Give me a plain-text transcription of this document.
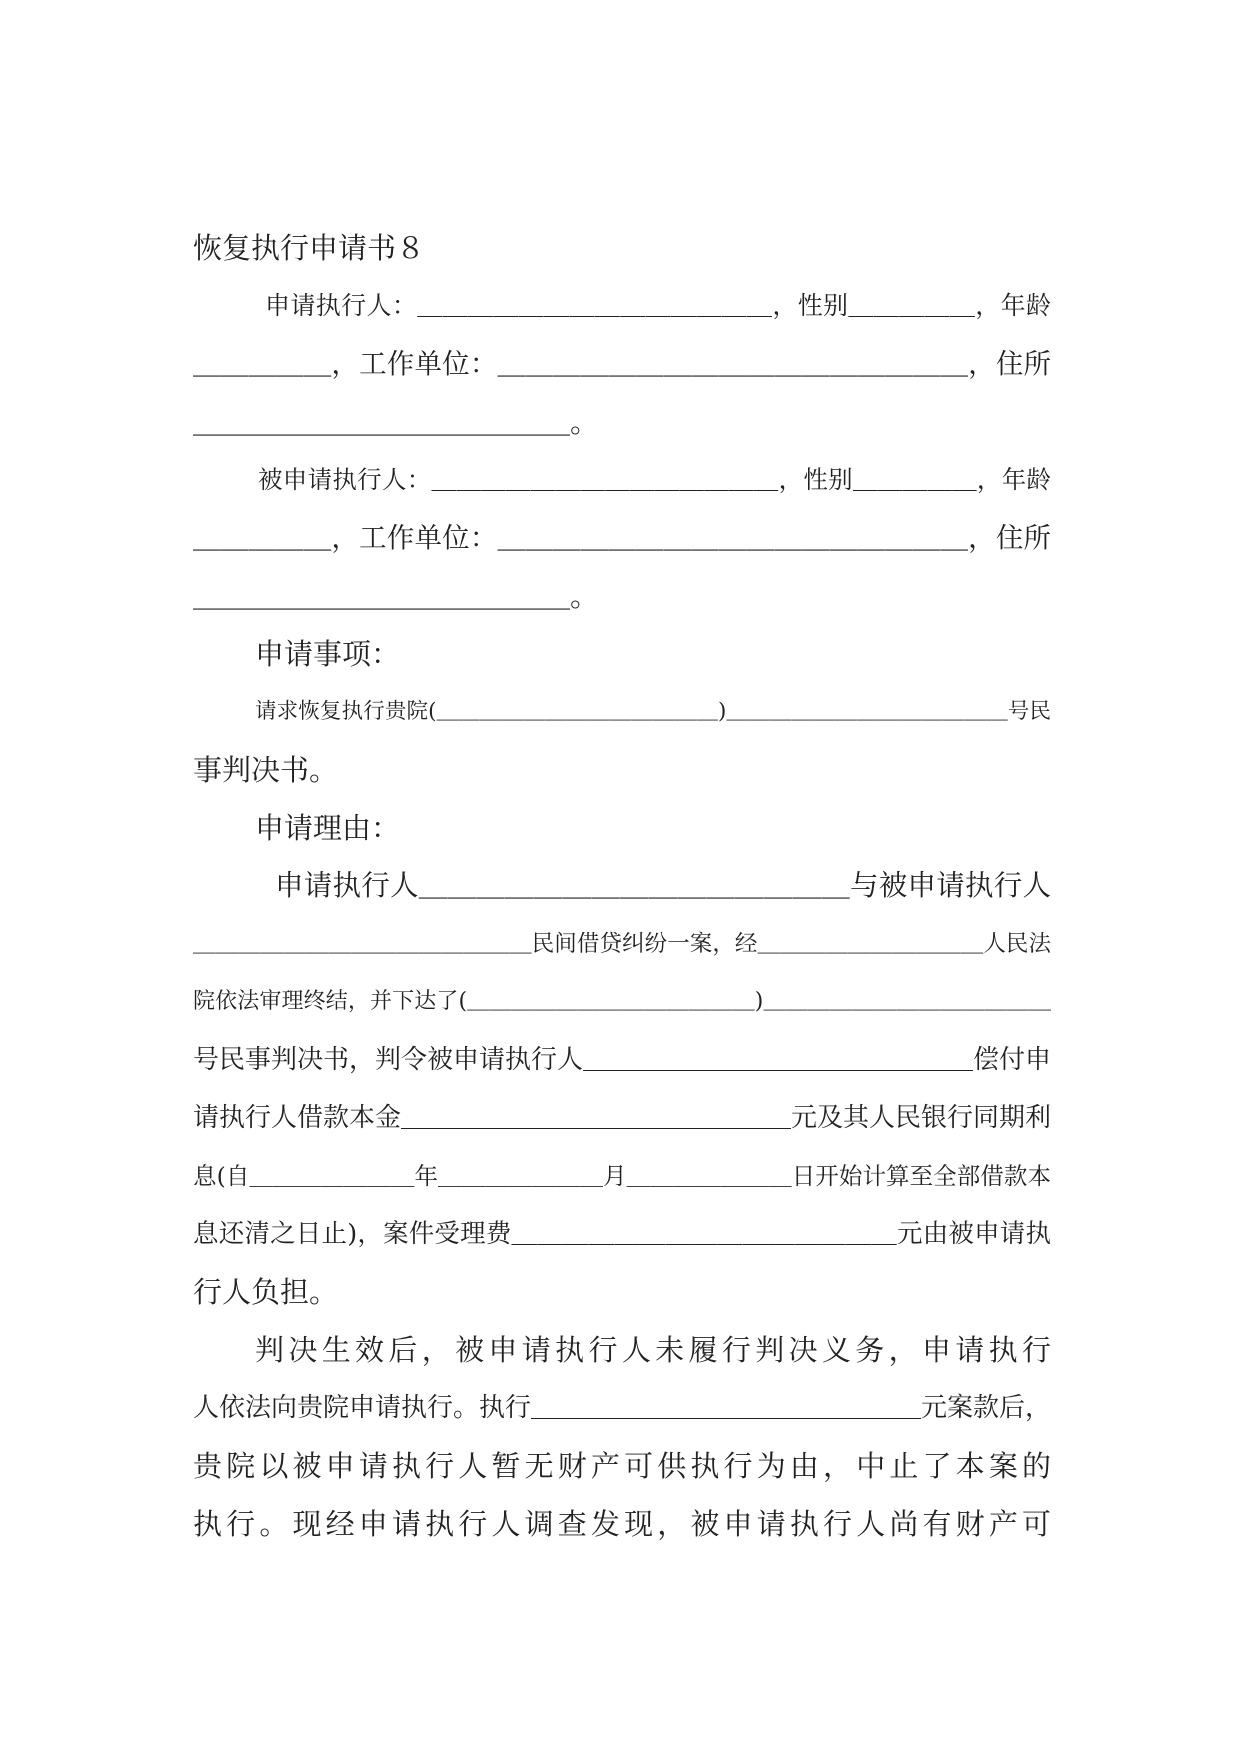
恢复执行申请书８
申请执行人：＿＿＿＿＿＿＿＿＿＿＿＿＿＿，性别＿＿＿＿＿，年龄
＿＿＿＿＿，工作单位：＿＿＿＿＿＿＿＿＿＿＿＿＿＿＿＿＿，住所
＿＿＿＿＿＿＿＿＿＿＿＿＿。
被申请执行人：＿＿＿＿＿＿＿＿＿＿＿＿＿＿，性别＿＿＿＿＿，年龄
＿＿＿＿＿，工作单位：＿＿＿＿＿＿＿＿＿＿＿＿＿＿＿＿＿，住所
＿＿＿＿＿＿＿＿＿＿＿＿＿。
申请事项：
请求恢复执行贵院(＿＿＿＿＿＿＿＿＿＿＿＿＿)＿＿＿＿＿＿＿＿＿＿＿＿＿号民
事判决书。
申请理由：
申请执行人＿＿＿＿＿＿＿＿＿＿＿＿＿＿＿与被申请执行人
＿＿＿＿＿＿＿＿＿＿＿＿＿＿＿民间借贷纠纷一案，经＿＿＿＿＿＿＿＿＿＿人民法
院依法审理终结，并下达了(＿＿＿＿＿＿＿＿＿＿＿＿＿)＿＿＿＿＿＿＿＿＿＿＿＿＿
号民事判决书，判令被申请执行人＿＿＿＿＿＿＿＿＿＿＿＿＿＿＿偿付申
请执行人借款本金＿＿＿＿＿＿＿＿＿＿＿＿＿＿＿元及其人民银行同期利
息(自＿＿＿＿＿＿＿年＿＿＿＿＿＿＿月＿＿＿＿＿＿＿日开始计算至全部借款本
息还清之日止)，案件受理费＿＿＿＿＿＿＿＿＿＿＿＿＿＿＿元由被申请执
行人负担。
判决生效后，被申请执行人未履行判决义务，申请执行
人依法向贵院申请执行。执行＿＿＿＿＿＿＿＿＿＿＿＿＿＿＿元案款后，
贵院以被申请执行人暂无财产可供执行为由，中止了本案的
执行。现经申请执行人调查发现，被申请执行人尚有财产可
